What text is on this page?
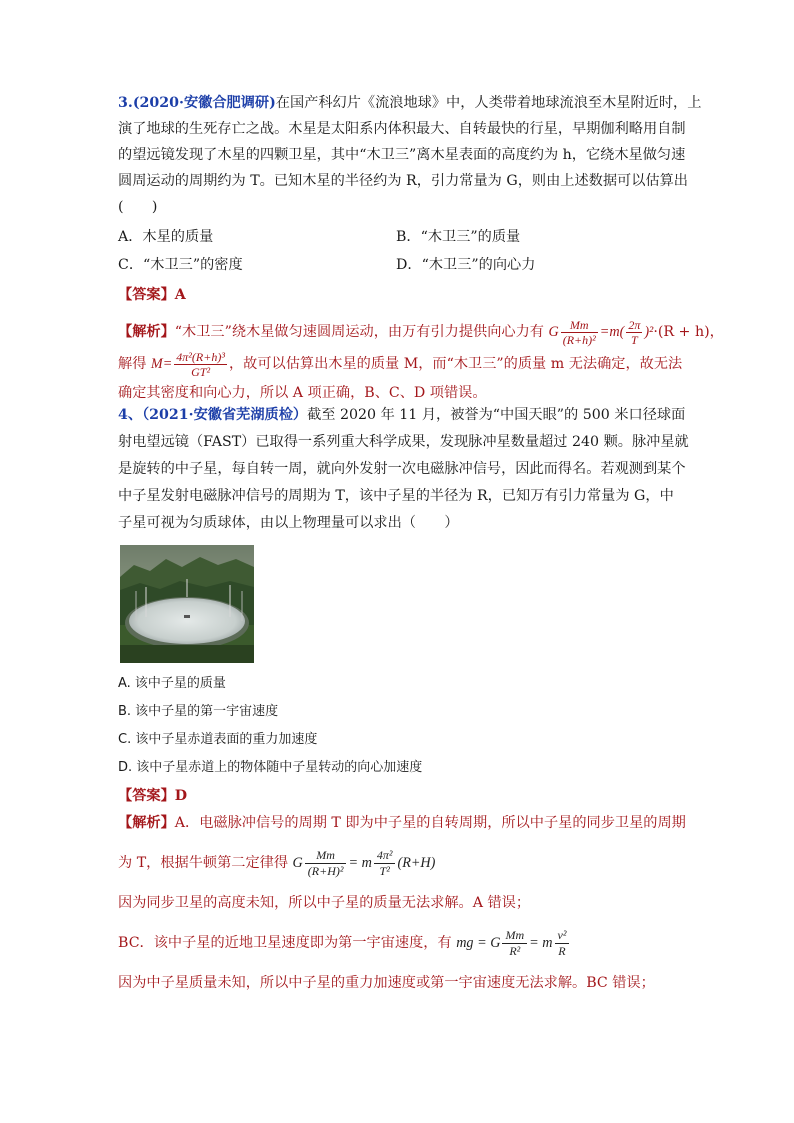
3.(2020·安徽合肥调研)在国产科幻片《流浪地球》中，人类带着地球流浪至木星附近时，上
演了地球的生死存亡之战。木星是太阳系内体积最大、自转最快的行星，早期伽利略用自制
的望远镜发现了木星的四颗卫星，其中“木卫三”离木星表面的高度约为 h，它绕木星做匀速
圆周运动的周期约为 T。已知木星的半径约为 R，引力常量为 G，则由上述数据可以估算出
(　　)
A．木星的质量	B．“木卫三”的质量
C．“木卫三”的密度	D．“木卫三”的向心力
【答案】A
【解析】“木卫三”绕木星做匀速圆周运动，由万有引力提供向心力有 G $\frac{Mm}{\text{(R+h)²}} =m( \frac{2\pi}{T} )^2\cdot(R + h)$，
解得 $M= \frac{\text{4π²(R+h)³}}{\text{GT²}}$ ，故可以估算出木星的质量 M，而“木卫三”的质量 m 无法确定，故无法
确定其密度和向心力，所以 A 项正确，B、C、D 项错误。
4、（2021·安徽省芜湖质检）截至 2020 年 11 月，被誉为“中国天眼”的 500 米口径球面
射电望远镜（FAST）已取得一系列重大科学成果，发现脉冲星数量超过 240 颗。脉冲星就
是旋转的中子星，每自转一周，就向外发射一次电磁脉冲信号，因此而得名。若观测到某个
中子星发射电磁脉冲信号的周期为 T，该中子星的半径为 R，已知万有引力常量为 G，中
子星可视为匀质球体，由以上物理量可以求出（　　）
A. 该中子星的质量
B. 该中子星的第一宇宙速度
C. 该中子星赤道表面的重力加速度
D. 该中子星赤道上的物体随中子星转动的向心加速度
【答案】D
【解析】A．电磁脉冲信号的周期 T 即为中子星的自转周期，所以中子星的同步卫星的周期
为 T，根据牛顿第二定律得 G $\frac{Mm}{\text{(R+H)²}} = m \frac{\text{4π²}}{\text{T²}} (R+H)$
因为同步卫星的高度未知，所以中子星的质量无法求解。A 错误；
BC．该中子星的近地卫星速度即为第一宇宙速度，有 mg = G $\frac{Mm}{\text{R²}} = m \frac{\text{v²}}{R}$
因为中子星质量未知，所以中子星的重力加速度或第一宇宙速度无法求解。BC 错误；
